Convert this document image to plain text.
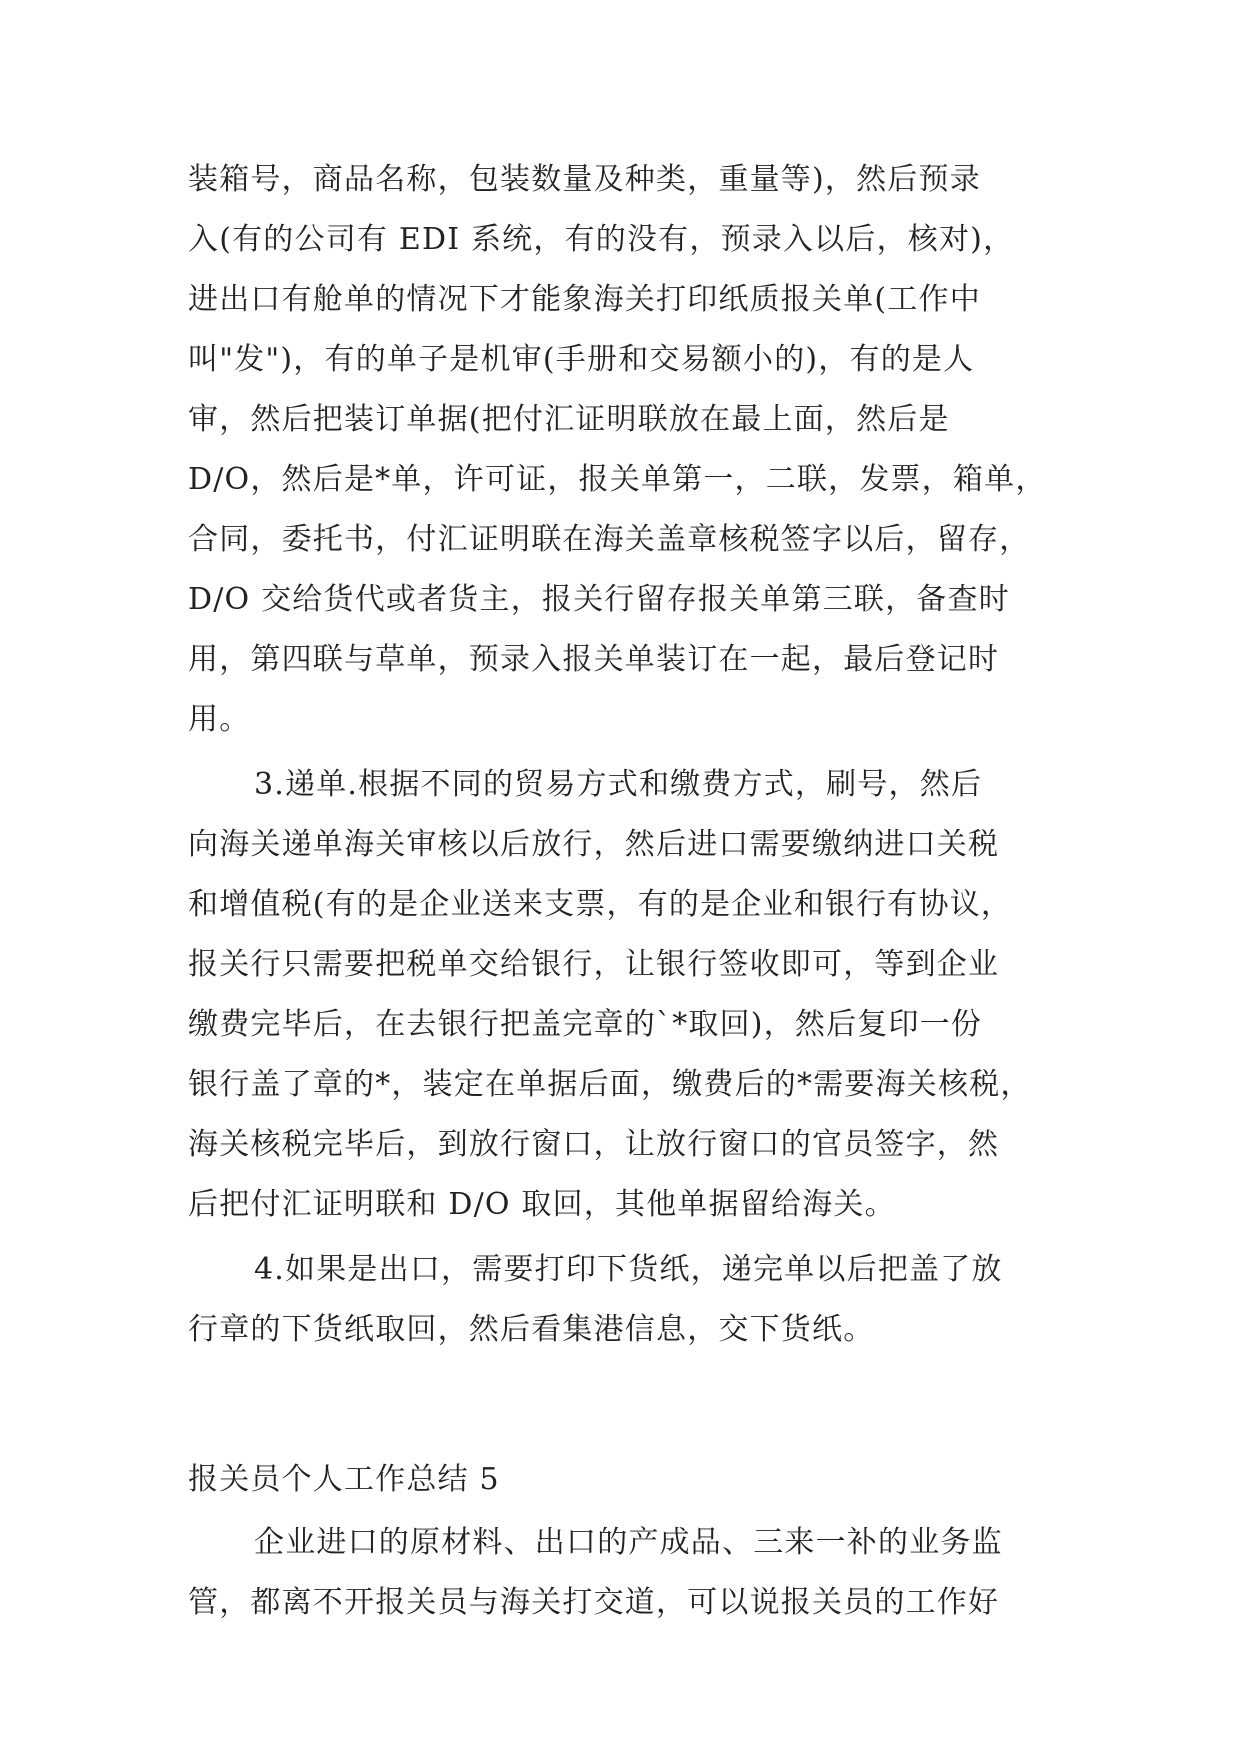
装箱号，商品名称，包装数量及种类，重量等)，然后预录
入(有的公司有 EDI 系统，有的没有，预录入以后，核对)，
进出口有舱单的情况下才能象海关打印纸质报关单(工作中
叫"发")，有的单子是机审(手册和交易额小的)，有的是人
审，然后把装订单据(把付汇证明联放在最上面，然后是
D/O，然后是*单，许可证，报关单第一，二联，发票，箱单，
合同，委托书，付汇证明联在海关盖章核税签字以后，留存，
D/O 交给货代或者货主，报关行留存报关单第三联，备查时
用，第四联与草单，预录入报关单装订在一起，最后登记时
用。
3.递单.根据不同的贸易方式和缴费方式，刷号，然后
向海关递单海关审核以后放行，然后进口需要缴纳进口关税
和增值税(有的是企业送来支票，有的是企业和银行有协议，
报关行只需要把税单交给银行，让银行签收即可，等到企业
缴费完毕后，在去银行把盖完章的`*取回)，然后复印一份
银行盖了章的*，装定在单据后面，缴费后的*需要海关核税，
海关核税完毕后，到放行窗口，让放行窗口的官员签字，然
后把付汇证明联和 D/O 取回，其他单据留给海关。
4.如果是出口，需要打印下货纸，递完单以后把盖了放
行章的下货纸取回，然后看集港信息，交下货纸。
报关员个人工作总结 5
企业进口的原材料、出口的产成品、三来一补的业务监
管，都离不开报关员与海关打交道，可以说报关员的工作好
